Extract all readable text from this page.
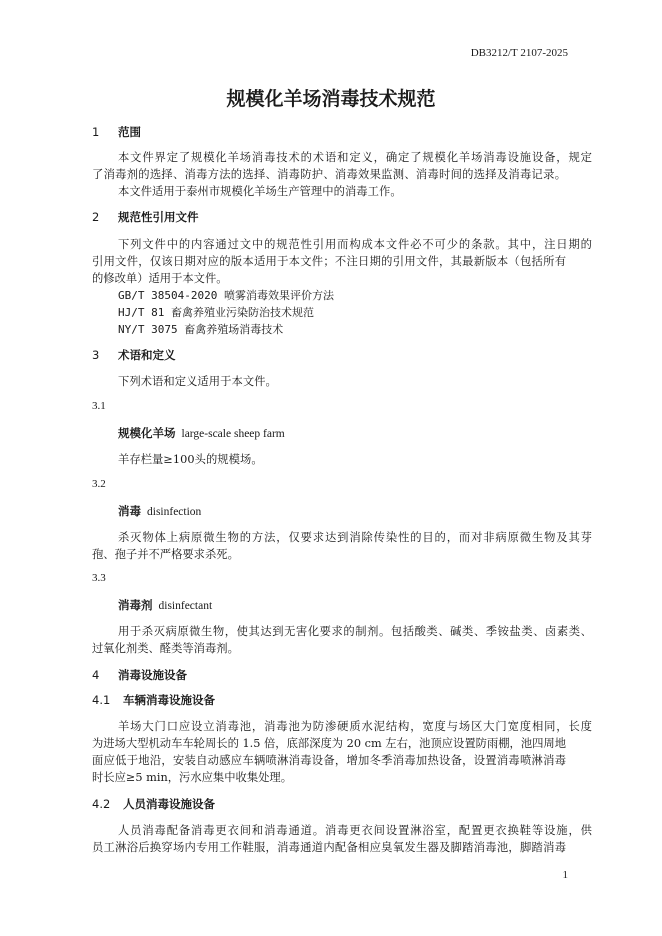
DB3212/T 2107-2025
规模化羊场消毒技术规范
1 范围
本文件界定了规模化羊场消毒技术的术语和定义，确定了规模化羊场消毒设施设备，规定
了消毒剂的选择、消毒方法的选择、消毒防护、消毒效果监测、消毒时间的选择及消毒记录。
本文件适用于泰州市规模化羊场生产管理中的消毒工作。
2 规范性引用文件
下列文件中的内容通过文中的规范性引用而构成本文件必不可少的条款。其中，注日期的
引用文件，仅该日期对应的版本适用于本文件；不注日期的引用文件，其最新版本（包括所有
的修改单）适用于本文件。
GB/T 38504-2020 喷雾消毒效果评价方法
HJ/T 81 畜禽养殖业污染防治技术规范
NY/T 3075 畜禽养殖场消毒技术
3 术语和定义
下列术语和定义适用于本文件。
3.1
规模化羊场 large-scale sheep farm
羊存栏量≥100头的规模场。
3.2
消毒 disinfection
杀灭物体上病原微生物的方法，仅要求达到消除传染性的目的，而对非病原微生物及其芽
孢、孢子并不严格要求杀死。
3.3
消毒剂 disinfectant
用于杀灭病原微生物，使其达到无害化要求的制剂。包括酸类、碱类、季铵盐类、卤素类、
过氧化剂类、醛类等消毒剂。
4 消毒设施设备
4.1 车辆消毒设施设备
羊场大门口应设立消毒池，消毒池为防渗硬质水泥结构，宽度与场区大门宽度相同，长度
为进场大型机动车车轮周长的 1.5 倍，底部深度为 20 cm 左右，池顶应设置防雨棚，池四周地
面应低于地沿，安装自动感应车辆喷淋消毒设备，增加冬季消毒加热设备，设置消毒喷淋消毒
时长应≥5 min，污水应集中收集处理。
4.2 人员消毒设施设备
人员消毒配备消毒更衣间和消毒通道。消毒更衣间设置淋浴室，配置更衣换鞋等设施，供
员工淋浴后换穿场内专用工作鞋服，消毒通道内配备相应臭氧发生器及脚踏消毒池，脚踏消毒
1
